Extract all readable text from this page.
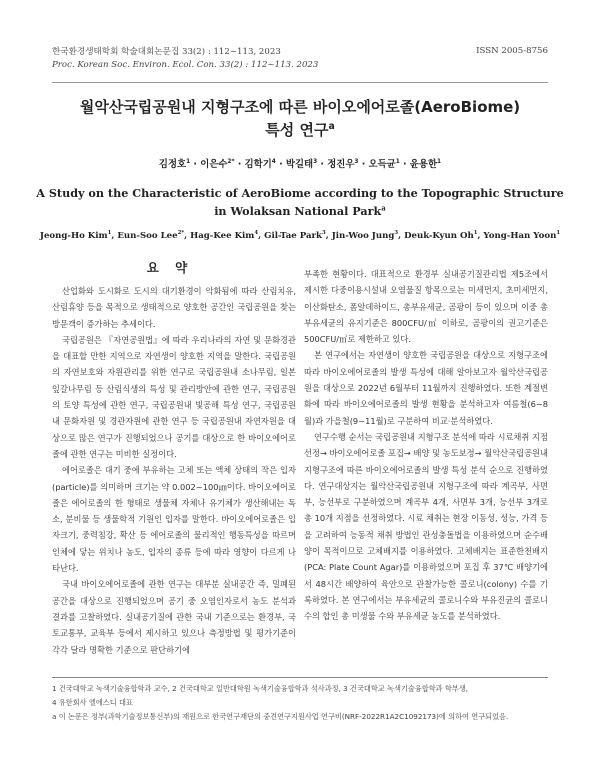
한국환경생태학회 학술대회논문집 33(2) : 112~113, 2023
Proc. Korean Soc. Environ. Ecol. Con. 33(2) : 112~113. 2023
ISSN 2005-8756
월악산국립공원내 지형구조에 따른 바이오에어로졸(AeroBiome)
특성 연구$^a$
김정호$^1$ · 이은수$^{2*}$ · 김학기$^4$ · 박길태$^3$ · 정진우$^3$ · 오득균$^1$ · 윤용한$^1$
A Study on the Characteristic of AeroBiome according to the Topographic Structure
in Wolaksan National Park$^a$
Jeong-Ho Kim$^1$, Eun-Soo Lee$^{2*}$, Hag-Kee Kim$^4$, Gil-Tae Park$^3$, Jin-Woo Jung$^3$, Deuk-Kyun Oh$^1$, Yong-Han Yoon$^1$
요 약

산업화와 도시화로 도시의 대기환경이 악화됨에 따라 산림치유, 산림휴양 등을 목적으로 생태적으로 양호한 공간인 국립공원을 찾는 방문객이 증가하는 추세이다.

국립공원은 『자연공원법』에 따라 우리나라의 자연 및 문화경관을 대표할 만한 지역으로 자연생이 양호한 지역을 말한다. 국립공원의 자연보호와 자원관리를 위한 연구로 국립공원내 소나무림, 일본잎갈나무림 등 산림식생의 특성 및 관리방안에 관한 연구, 국립공원의 토양 특성에 관한 연구, 국립공원내 빛공해 특성 연구, 국립공원내 문화자원 및 경관자원에 관한 연구 등 국립공원내 자연자원을 대상으로 많은 연구가 진행되었으나 공기를 대상으로 한 바이오에어로졸에 관한 연구는 미비한 실정이다.

에어로졸은 대기 중에 부유하는 고체 또는 액체 상태의 작은 입자(particle)를 의미하며 크기는 약 0.002~100㎛이다. 바이오에어로졸은 에어로졸의 한 형태로 생물체 자체나 유기체가 생산해내는 독소, 분비물 등 생물학적 기원인 입자를 말한다. 바이오에어로졸은 입자크기, 중력침강, 확산 등 에어로졸의 물리적인 행동특성을 따르며 인체에 닿는 위치나 농도, 입자의 종류 등에 따라 영향이 다르게 나타난다.

국내 바이오에어로졸에 관한 연구는 대부분 실내공간 즉, 밀폐된 공간을 대상으로 진행되었으며 공기 중 오염인자로서 농도 분석과 결과를 고찰하였다. 실내공기질에 관한 국내 기준으로는 환경부, 국토교통부, 교육부 등에서 제시하고 있으나 측정방법 및 평가기준이 각각 달라 명확한 기준으로 판단하기에

부족한 현황이다. 대표적으로 환경부 실내공기질관리법 제5조에서 제시한 다중이용시설내 오염물질 항목으로는 미세먼지, 초미세먼지, 이산화탄소, 폼알데하이드, 총부유세균, 곰팡이 등이 있으며 이중 총부유세균의 유지기준은 800CFU/㎥ 이하로, 곰팡이의 권고기준은 500CFU/㎥로 제한하고 있다.

본 연구에서는 자연생이 양호한 국립공원을 대상으로 지형구조에 따라 바이오에어로졸의 발생 특성에 대해 알아보고자 월악산국립공원을 대상으로 2022년 6월부터 11월까지 진행하였다. 또한 계절변화에 따라 바이오에어로졸의 발생 현황을 분석하고자 여름철(6~8월)과 가을철(9~11월)로 구분하여 비교·분석하였다.

연구수행 순서는 국립공원내 지형구조 분석에 따라 시료채취 지점 선정→ 바이오에어로졸 포집→ 배양 및 농도보정→ 월악산국립공원내 지형구조에 따른 바이오에어로졸의 발생 특성 분석 순으로 진행하였다. 연구대상지는 월악산국립공원내 지형구조에 따라 계곡부, 사면부, 능선부로 구분하였으며 계곡부 4개, 사면부 3개, 능선부 3개로 총 10개 지점을 선정하였다. 시료 채취는 현장 이동성, 성능, 가격 등을 고려하여 능동적 채취 방법인 관성충돌법을 이용하였으며 순수배양이 목적이므로 고체배지를 이용하였다. 고체배지는 표준한천배지(PCA: Plate Count Agar)를 이용하였으며 포집 후 37℃ 배양기에서 48시간 배양하여 육안으로 관찰가능한 콜로니(colony) 수를 기록하였다. 본 연구에서는 부유세균의 콜로니수와 부유진균의 콜로니 수의 합인 총 미생물 수와 부유세균 농도를 분석하였다.

1 건국대학교 녹색기술융합학과 교수, 2 건국대학교 일반대학원 녹색기술융합학과 석사과정, 3 건국대학교 녹색기술융합학과 학부생,
4 유한회사 엘에스디 대표
a 이 논문은 정부(과학기술정보통신부)의 재원으로 한국연구재단의 중견연구지원사업 연구비(NRF-2022R1A2C1092173)에 의하여 연구되었음.
